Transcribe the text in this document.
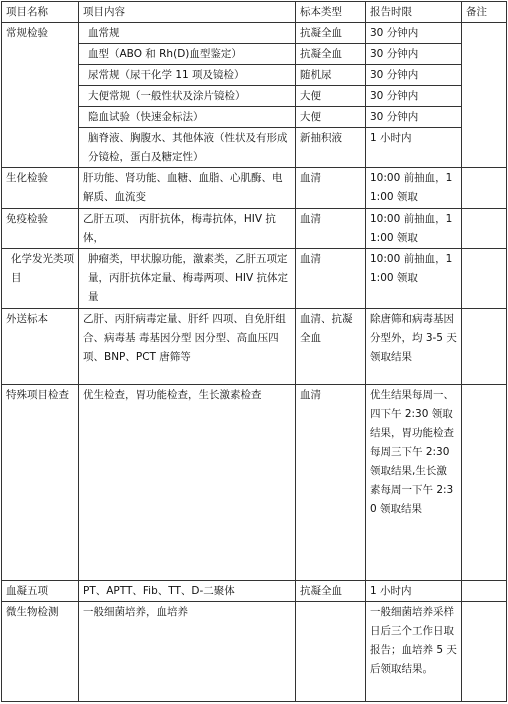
项目名称	项目内容	标本类型	报告时限	备注
常规检验	血常规	抗凝全血	30 分钟内	
	血型（ABO 和 Rh(D)血型鉴定）	抗凝全血	30 分钟内	
	尿常规（尿干化学 11 项及镜检）	随机尿	30 分钟内	
	大便常规（一般性状及涂片镜检）	大便	30 分钟内	
	隐血试验（快速金标法）	大便	30 分钟内	
	脑脊液、胸腹水、其他体液（性状及有形成分镜检，蛋白及糖定性）	新抽积液	1 小时内	
生化检验	肝功能、肾功能、血糖、血脂、心肌酶、电解质、血流变	血清	10:00 前抽血，11:00 领取	
免疫检验	乙肝五项、 丙肝抗体，梅毒抗体，HIV 抗体，	血清	10:00 前抽血，11:00 领取	
化学发光类项目	肿瘤类，甲状腺功能，激素类，乙肝五项定量，丙肝抗体定量、梅毒两项、HIV 抗体定量	血清	10:00 前抽血，11:00 领取	
外送标本	乙肝、丙肝病毒定量、肝纤 四项、自免肝组合、病毒基 毒基因分型 因分型、高血压四项、BNP、PCT 唐筛等	血清、抗凝全血	除唐筛和病毒基因分型外，均 3-5 天领取结果	
特殊项目检查	优生检查，胃功能检查，生长激素检查	血清	优生结果每周一、四下午 2:30 领取结果，胃功能检查每周三下午 2:30 领取结果,生长激素每周一下午 2:30 领取结果	
血凝五项	PT、APTT、Fib、TT、D-二聚体	抗凝全血	1 小时内	
微生物检测	一般细菌培养，血培养		一般细菌培养采样日后三个工作日取报告；血培养 5 天后领取结果。	
